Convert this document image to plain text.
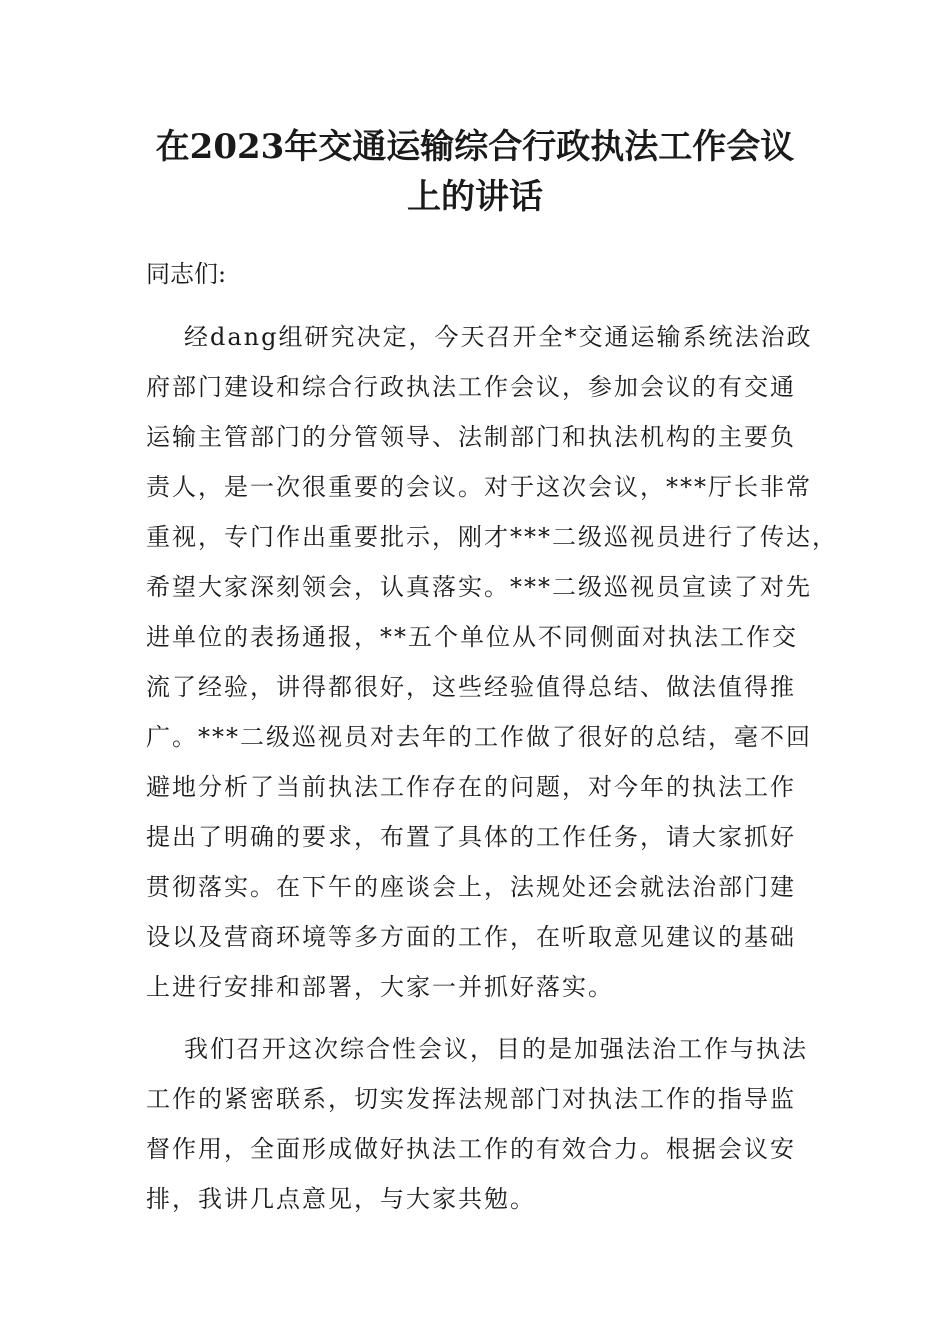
在2023年交通运输综合行政执法工作会议
上的讲话
同志们:
经dang组研究决定，今天召开全*交通运输系统法治政
府部门建设和综合行政执法工作会议，参加会议的有交通
运输主管部门的分管领导、法制部门和执法机构的主要负
责人，是一次很重要的会议。对于这次会议，***厅长非常
重视，专门作出重要批示，刚才***二级巡视员进行了传达，
希望大家深刻领会，认真落实。***二级巡视员宣读了对先
进单位的表扬通报，**五个单位从不同侧面对执法工作交
流了经验，讲得都很好，这些经验值得总结、做法值得推
广。***二级巡视员对去年的工作做了很好的总结，毫不回
避地分析了当前执法工作存在的问题，对今年的执法工作
提出了明确的要求，布置了具体的工作任务，请大家抓好
贯彻落实。在下午的座谈会上，法规处还会就法治部门建
设以及营商环境等多方面的工作，在听取意见建议的基础
上进行安排和部署，大家一并抓好落实。
我们召开这次综合性会议，目的是加强法治工作与执法
工作的紧密联系，切实发挥法规部门对执法工作的指导监
督作用，全面形成做好执法工作的有效合力。根据会议安
排，我讲几点意见，与大家共勉。
